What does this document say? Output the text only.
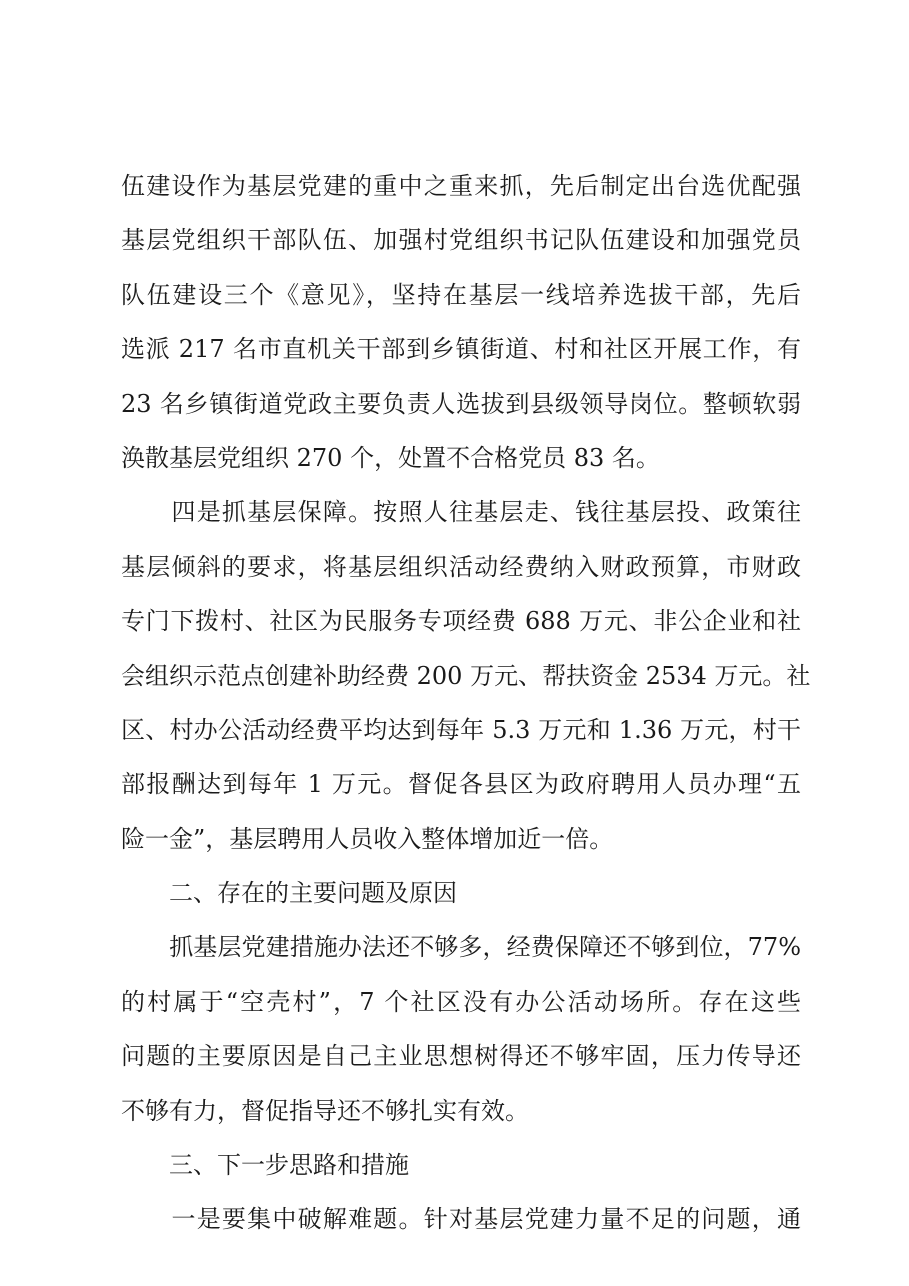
伍建设作为基层党建的重中之重来抓，先后制定出台选优配强
基层党组织干部队伍、加强村党组织书记队伍建设和加强党员
队伍建设三个《意见》，坚持在基层一线培养选拔干部，先后
选派 217 名市直机关干部到乡镇街道、村和社区开展工作，有
23 名乡镇街道党政主要负责人选拔到县级领导岗位。整顿软弱
涣散基层党组织 270 个，处置不合格党员 83 名。
　　四是抓基层保障。按照人往基层走、钱往基层投、政策往
基层倾斜的要求，将基层组织活动经费纳入财政预算，市财政
专门下拨村、社区为民服务专项经费 688 万元、非公企业和社
会组织示范点创建补助经费 200 万元、帮扶资金 2534 万元。社
区、村办公活动经费平均达到每年 5.3 万元和 1.36 万元，村干
部报酬达到每年 1 万元。督促各县区为政府聘用人员办理“五
险一金”，基层聘用人员收入整体增加近一倍。
　　二、存在的主要问题及原因
　　抓基层党建措施办法还不够多，经费保障还不够到位，77%
的村属于“空壳村”，7 个社区没有办公活动场所。存在这些
问题的主要原因是自己主业思想树得还不够牢固，压力传导还
不够有力，督促指导还不够扎实有效。
　　三、下一步思路和措施
　　一是要集中破解难题。针对基层党建力量不足的问题，通
